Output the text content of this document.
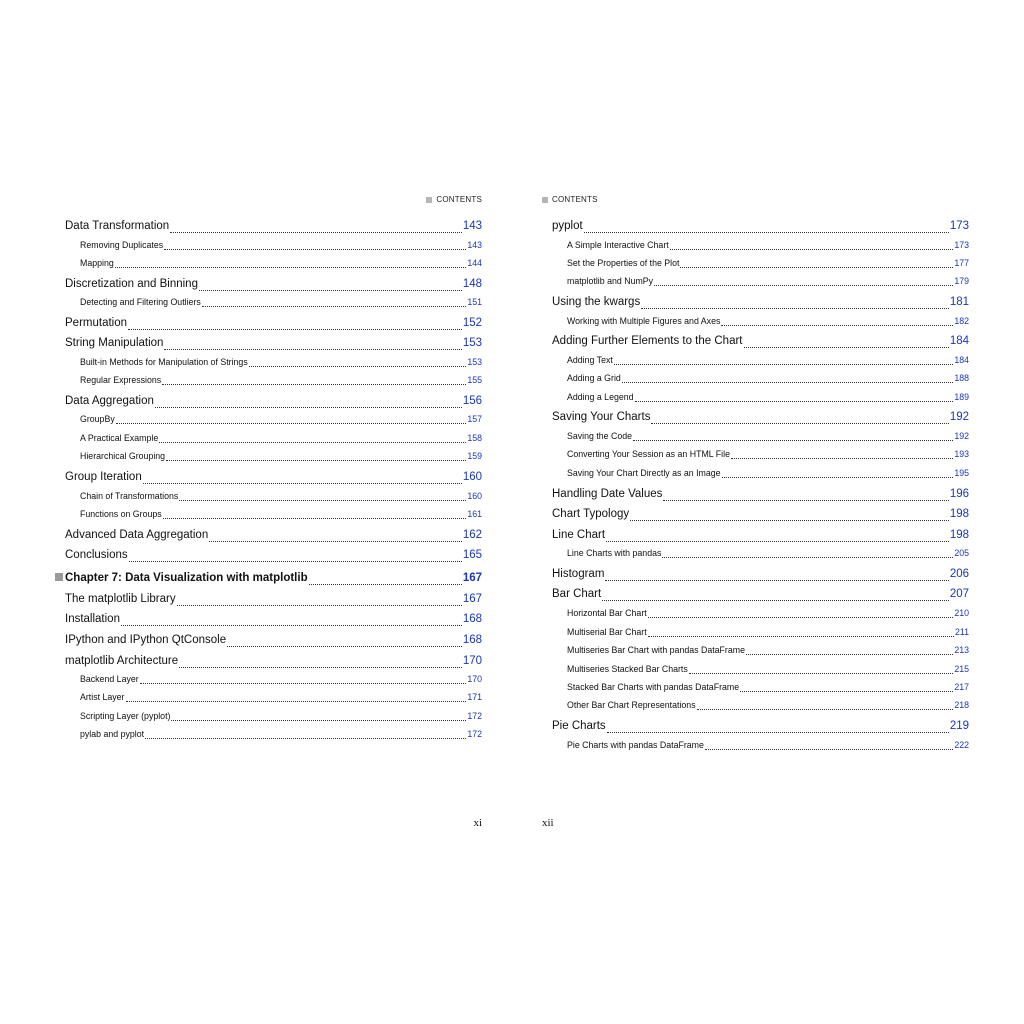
CONTENTS
Data Transformation	143
Removing Duplicates	143
Mapping	144
Discretization and Binning	148
Detecting and Filtering Outliers	151
Permutation	152
String Manipulation	153
Built-in Methods for Manipulation of Strings	153
Regular Expressions	155
Data Aggregation	156
GroupBy	157
A Practical Example	158
Hierarchical Grouping	159
Group Iteration	160
Chain of Transformations	160
Functions on Groups	161
Advanced Data Aggregation	162
Conclusions	165
Chapter 7: Data Visualization with matplotlib	167
The matplotlib Library	167
Installation	168
IPython and IPython QtConsole	168
matplotlib Architecture	170
Backend Layer	170
Artist Layer	171
Scripting Layer (pyplot)	172
pylab and pyplot	172
xi
CONTENTS
pyplot	173
A Simple Interactive Chart	173
Set the Properties of the Plot	177
matplotlib and NumPy	179
Using the kwargs	181
Working with Multiple Figures and Axes	182
Adding Further Elements to the Chart	184
Adding Text	184
Adding a Grid	188
Adding a Legend	189
Saving Your Charts	192
Saving the Code	192
Converting Your Session as an HTML File	193
Saving Your Chart Directly as an Image	195
Handling Date Values	196
Chart Typology	198
Line Chart	198
Line Charts with pandas	205
Histogram	206
Bar Chart	207
Horizontal Bar Chart	210
Multiserial Bar Chart	211
Multiseries Bar Chart with pandas DataFrame	213
Multiseries Stacked Bar Charts	215
Stacked Bar Charts with pandas DataFrame	217
Other Bar Chart Representations	218
Pie Charts	219
Pie Charts with pandas DataFrame	222
xii
